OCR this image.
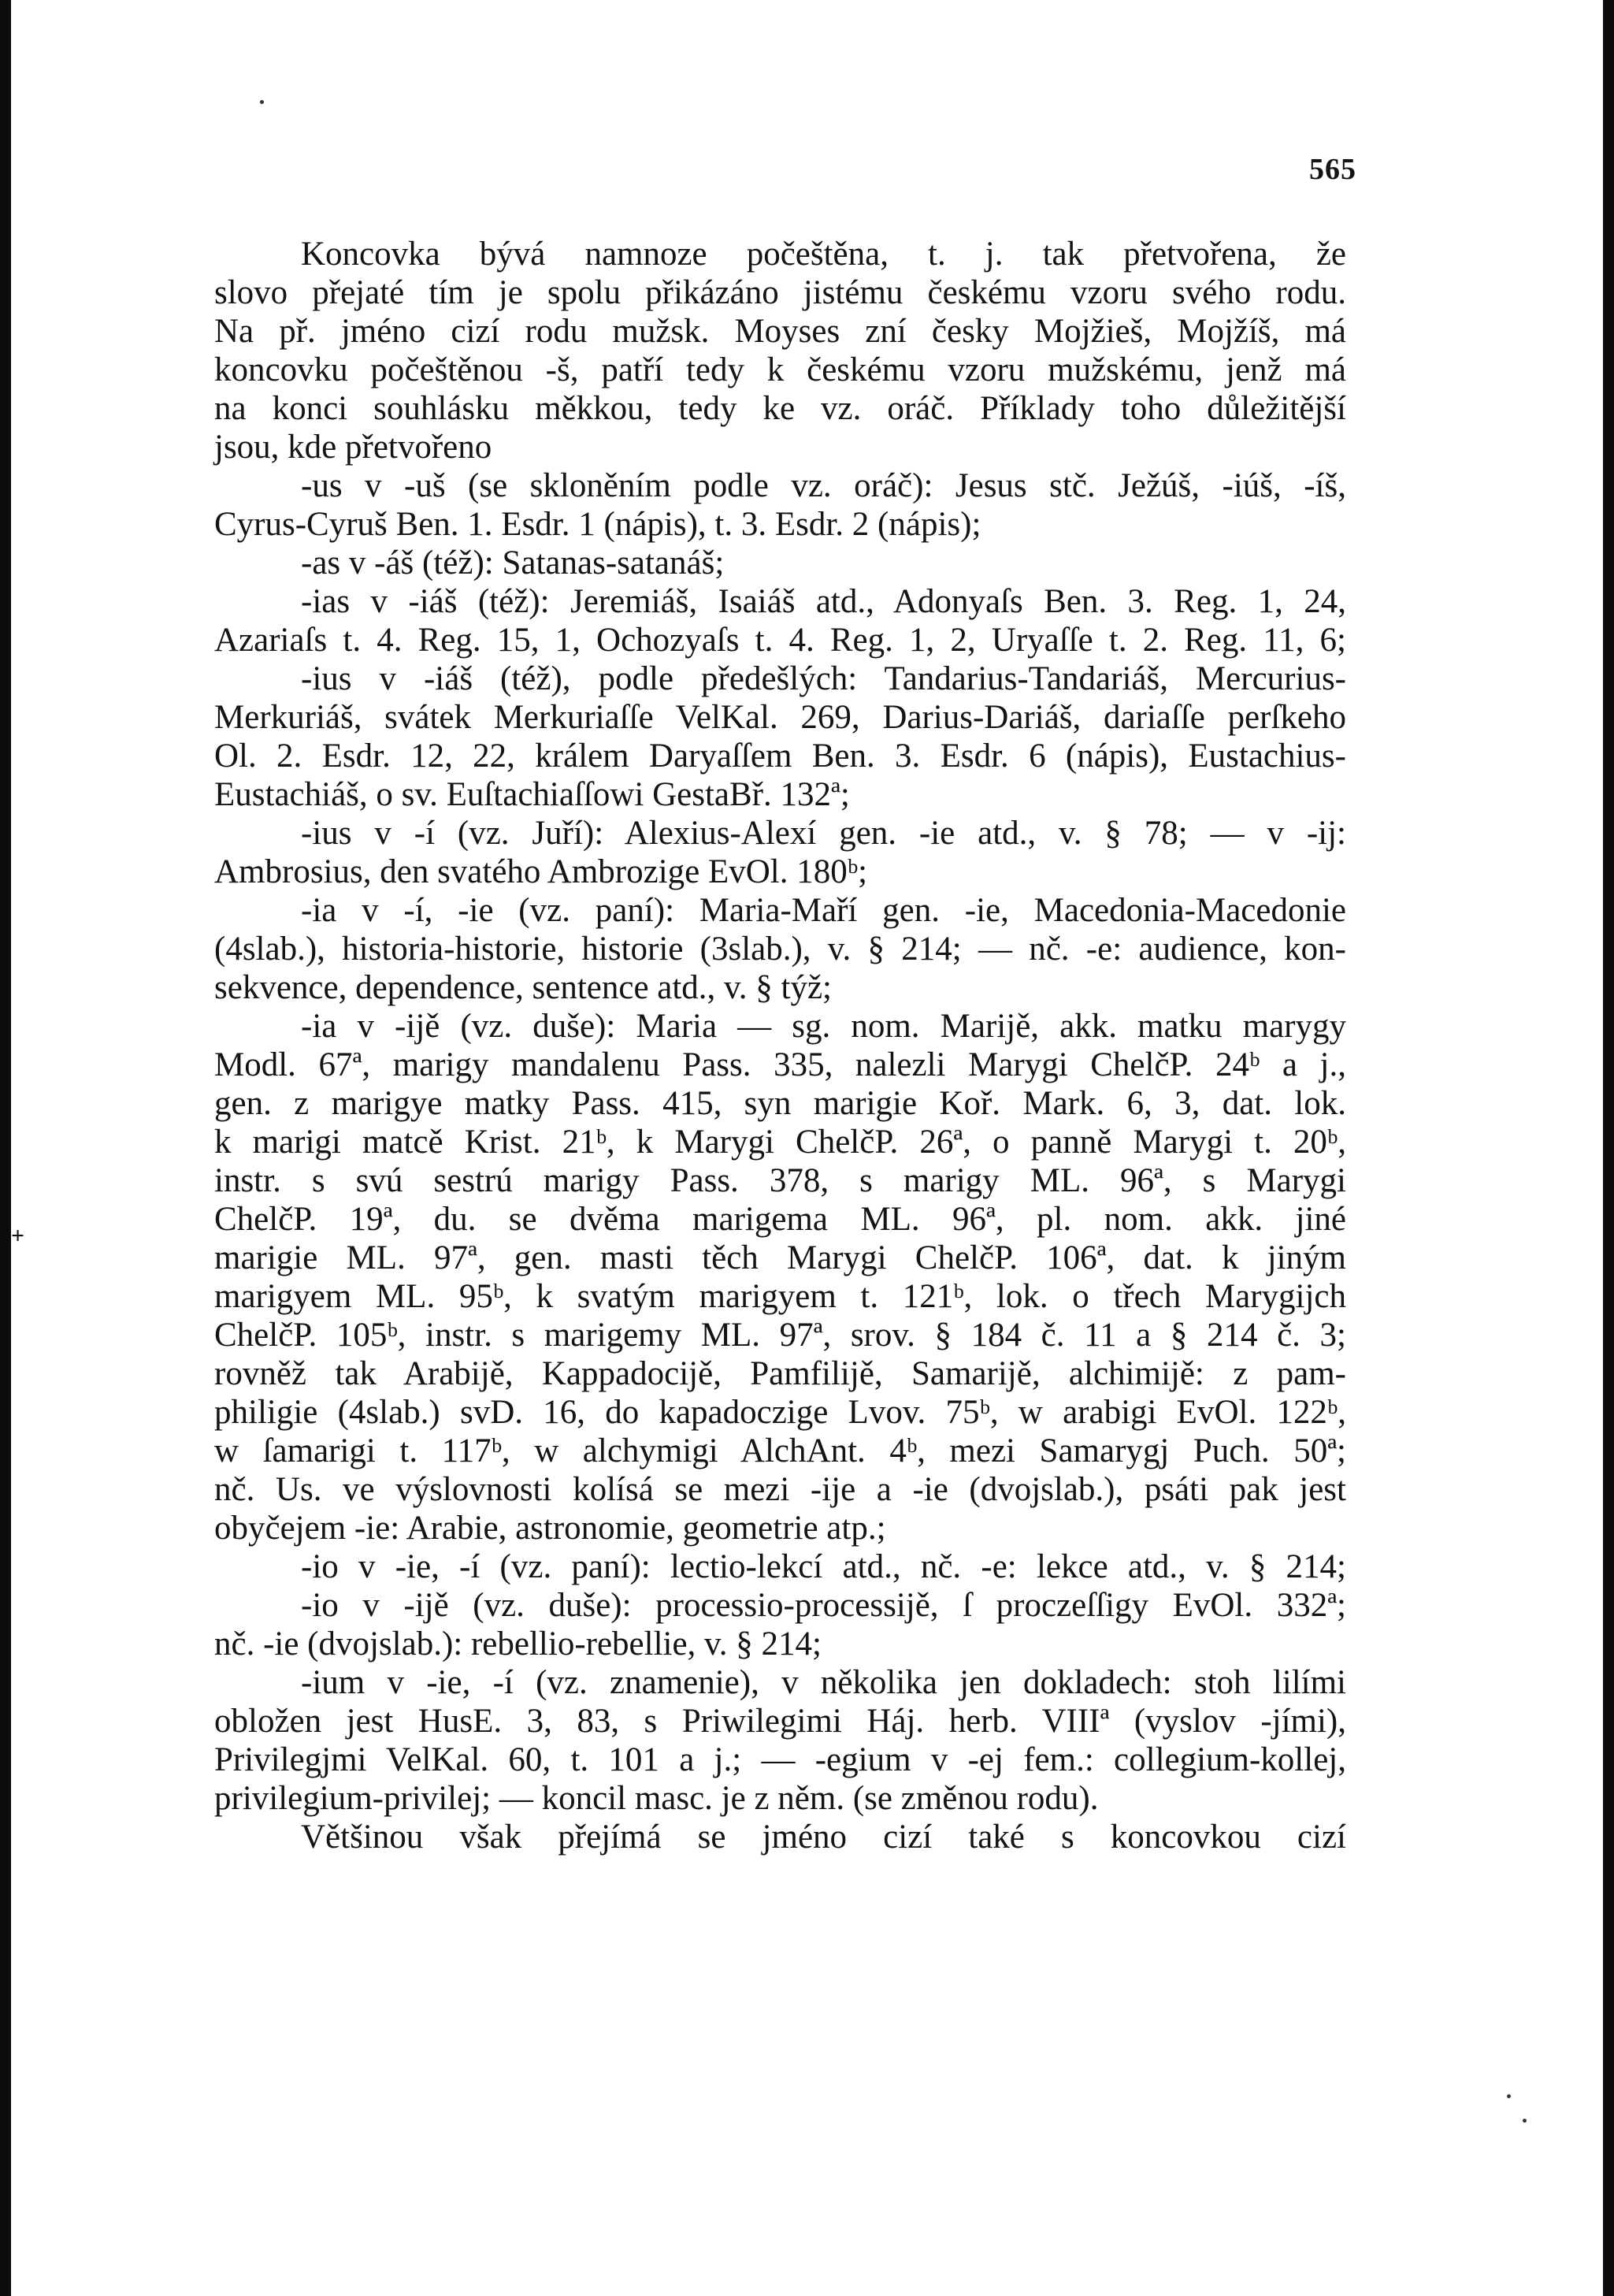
565
+
Koncovka bývá namnoze počeštěna, t. j. tak přetvořena, že
slovo přejaté tím je spolu přikázáno jistému českému vzoru svého rodu.
Na př. jméno cizí rodu mužsk. Moyses zní česky Mojžieš, Mojžíš, má
koncovku počeštěnou -š, patří tedy k českému vzoru mužskému, jenž má
na konci souhlásku měkkou, tedy ke vz. oráč. Příklady toho důležitější
jsou, kde přetvořeno
-us v -uš (se skloněním podle vz. oráč): Jesus stč. Ježúš, -iúš, -íš,
Cyrus-Cyruš Ben. 1. Esdr. 1 (nápis), t. 3. Esdr. 2 (nápis);
-as v -áš (též): Satanas-satanáš;
-ias v -iáš (též): Jeremiáš, Isaiáš atd., Adonyaſs Ben. 3. Reg. 1, 24,
Azariaſs t. 4. Reg. 15, 1, Ochozyaſs t. 4. Reg. 1, 2, Uryaſſe t. 2. Reg. 11, 6;
-ius v -iáš (též), podle předešlých: Tandarius-Tandariáš, Mercurius-
Merkuriáš, svátek Merkuriaſſe VelKal. 269, Darius-Dariáš, dariaſſe perſkeho
Ol. 2. Esdr. 12, 22, králem Daryaſſem Ben. 3. Esdr. 6 (nápis), Eustachius-
Eustachiáš, o sv. Euſtachiaſſowi GestaBř. 132ª;
-ius v -í (vz. Juří): Alexius-Alexí gen. -ie atd., v. § 78; — v -ij:
Ambrosius, den svatého Ambrozige EvOl. 180ᵇ;
-ia v -í, -ie (vz. paní): Maria-Maří gen. -ie, Macedonia-Macedonie
(4slab.), historia-historie, historie (3slab.), v. § 214; — nč. -e: audience, kon-
sekvence, dependence, sentence atd., v. § týž;
-ia v -ijě (vz. duše): Maria — sg. nom. Marijě, akk. matku marygy
Modl. 67ª, marigy mandalenu Pass. 335, nalezli Marygi ChelčP. 24ᵇ a j.,
gen. z marigye matky Pass. 415, syn marigie Koř. Mark. 6, 3, dat. lok.
k marigi matcě Krist. 21ᵇ, k Marygi ChelčP. 26ª, o panně Marygi t. 20ᵇ,
instr. s svú sestrú marigy Pass. 378, s marigy ML. 96ª, s Marygi
ChelčP. 19ª, du. se dvěma marigema ML. 96ª, pl. nom. akk. jiné
marigie ML. 97ª, gen. masti těch Marygi ChelčP. 106ª, dat. k jiným
marigyem ML. 95ᵇ, k svatým marigyem t. 121ᵇ, lok. o třech Marygijch
ChelčP. 105ᵇ, instr. s marigemy ML. 97ª, srov. § 184 č. 11 a § 214 č. 3;
rovněž tak Arabijě, Kappadocijě, Pamfilijě, Samarijě, alchimijě: z pam-
philigie (4slab.) svD. 16, do kapadoczige Lvov. 75ᵇ, w arabigi EvOl. 122ᵇ,
w ſamarigi t. 117ᵇ, w alchymigi AlchAnt. 4ᵇ, mezi Samarygj Puch. 50ª;
nč. Us. ve výslovnosti kolísá se mezi -ije a -ie (dvojslab.), psáti pak jest
obyčejem -ie: Arabie, astronomie, geometrie atp.;
-io v -ie, -í (vz. paní): lectio-lekcí atd., nč. -e: lekce atd., v. § 214;
-io v -ijě (vz. duše): processio-processijě, ſ proczeſſigy EvOl. 332ª;
nč. -ie (dvojslab.): rebellio-rebellie, v. § 214;
-ium v -ie, -í (vz. znamenie), v několika jen dokladech: stoh lilími
obložen jest HusE. 3, 83, s Priwilegimi Háj. herb. VIIIª (vyslov -jími),
Privilegjmi VelKal. 60, t. 101 a j.; — -egium v -ej fem.: collegium-kollej,
privilegium-privilej; — koncil masc. je z něm. (se změnou rodu).
Většinou však přejímá se jméno cizí také s koncovkou cizí
